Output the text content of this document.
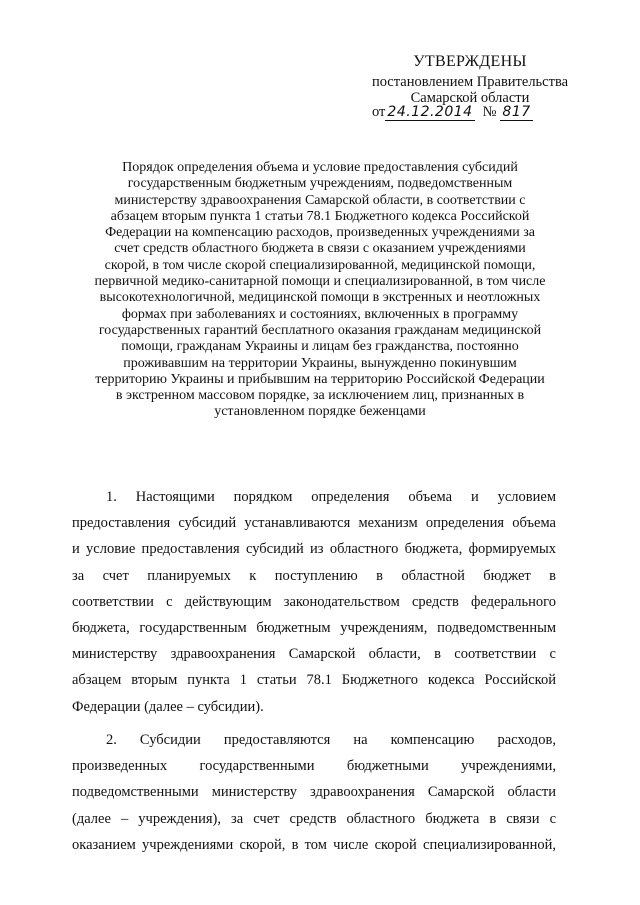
УТВЕРЖДЕНЫ
постановлением Правительства
Самарской области
от 24.12.2014 № 817
Порядок определения объема и условие предоставления субсидий
государственным бюджетным учреждениям, подведомственным
министерству здравоохранения Самарской области, в соответствии с
абзацем вторым пункта 1 статьи 78.1 Бюджетного кодекса Российской
Федерации на компенсацию расходов, произведенных учреждениями за
счет средств областного бюджета в связи с оказанием учреждениями
скорой, в том числе скорой специализированной, медицинской помощи,
первичной медико-санитарной помощи и специализированной, в том числе
высокотехнологичной, медицинской помощи в экстренных и неотложных
формах при заболеваниях и состояниях, включенных в программу
государственных гарантий бесплатного оказания гражданам медицинской
помощи, гражданам Украины и лицам без гражданства, постоянно
проживавшим на территории Украины, вынужденно покинувшим
территорию Украины и прибывшим на территорию Российской Федерации
в экстренном массовом порядке, за исключением лиц, признанных в
установленном порядке беженцами
1. Настоящими порядком определения объема и условием
предоставления субсидий устанавливаются механизм определения объема
и условие предоставления субсидий из областного бюджета, формируемых
за счет планируемых к поступлению в областной бюджет в
соответствии с действующим законодательством средств федерального
бюджета, государственным бюджетным учреждениям, подведомственным
министерству здравоохранения Самарской области, в соответствии с
абзацем вторым пункта 1 статьи 78.1 Бюджетного кодекса Российской
Федерации (далее – субсидии).
2. Субсидии предоставляются на компенсацию расходов,
произведенных государственными бюджетными учреждениями,
подведомственными министерству здравоохранения Самарской области
(далее – учреждения), за счет средств областного бюджета в связи с
оказанием учреждениями скорой, в том числе скорой специализированной,
